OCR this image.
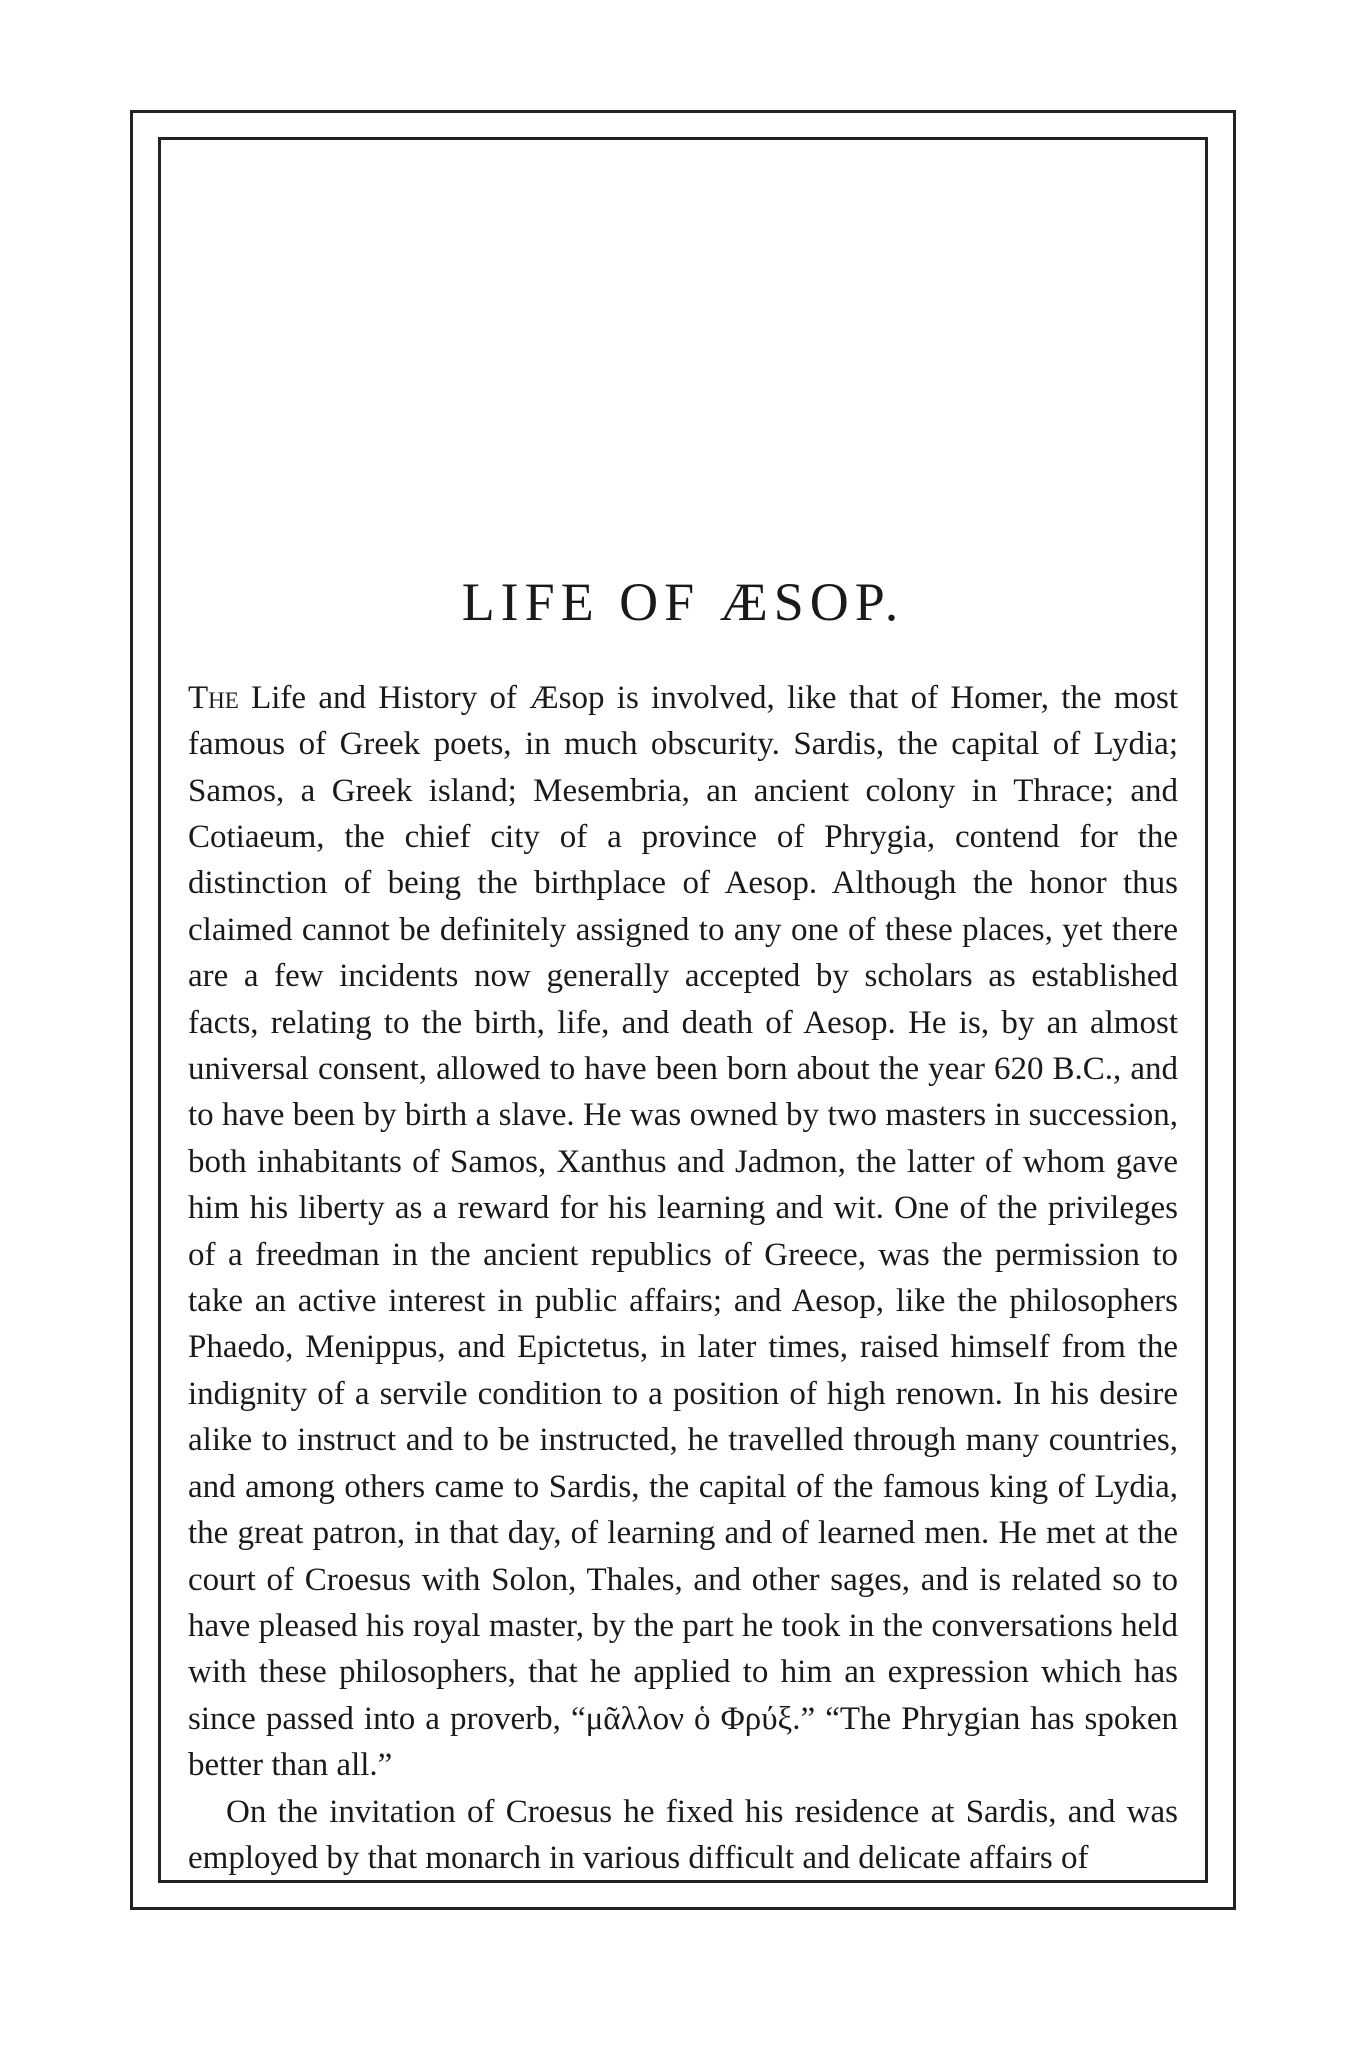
LIFE OF ÆSOP.

The Life and History of Æsop is involved, like that of Homer, the most famous of Greek poets, in much obscurity. Sardis, the capital of Lydia; Samos, a Greek island; Mesembria, an ancient colony in Thrace; and Cotiaeum, the chief city of a province of Phrygia, contend for the distinction of being the birthplace of Aesop. Although the honor thus claimed cannot be definitely assigned to any one of these places, yet there are a few incidents now generally accepted by scholars as established facts, relating to the birth, life, and death of Aesop. He is, by an almost universal consent, allowed to have been born about the year 620 B.C., and to have been by birth a slave. He was owned by two masters in succession, both inhabitants of Samos, Xanthus and Jadmon, the latter of whom gave him his liberty as a reward for his learning and wit. One of the privileges of a freedman in the ancient republics of Greece, was the permission to take an active interest in public affairs; and Aesop, like the philosophers Phaedo, Menippus, and Epictetus, in later times, raised himself from the indignity of a servile condition to a position of high renown. In his desire alike to instruct and to be instructed, he travelled through many countries, and among others came to Sardis, the capital of the famous king of Lydia, the great patron, in that day, of learning and of learned men. He met at the court of Croesus with Solon, Thales, and other sages, and is related so to have pleased his royal master, by the part he took in the conversations held with these philosophers, that he applied to him an expression which has since passed into a proverb, “μᾶλλον ὁ Φρύξ.” “The Phrygian has spoken better than all.”

On the invitation of Croesus he fixed his residence at Sardis, and was employed by that monarch in various difficult and delicate affairs of
